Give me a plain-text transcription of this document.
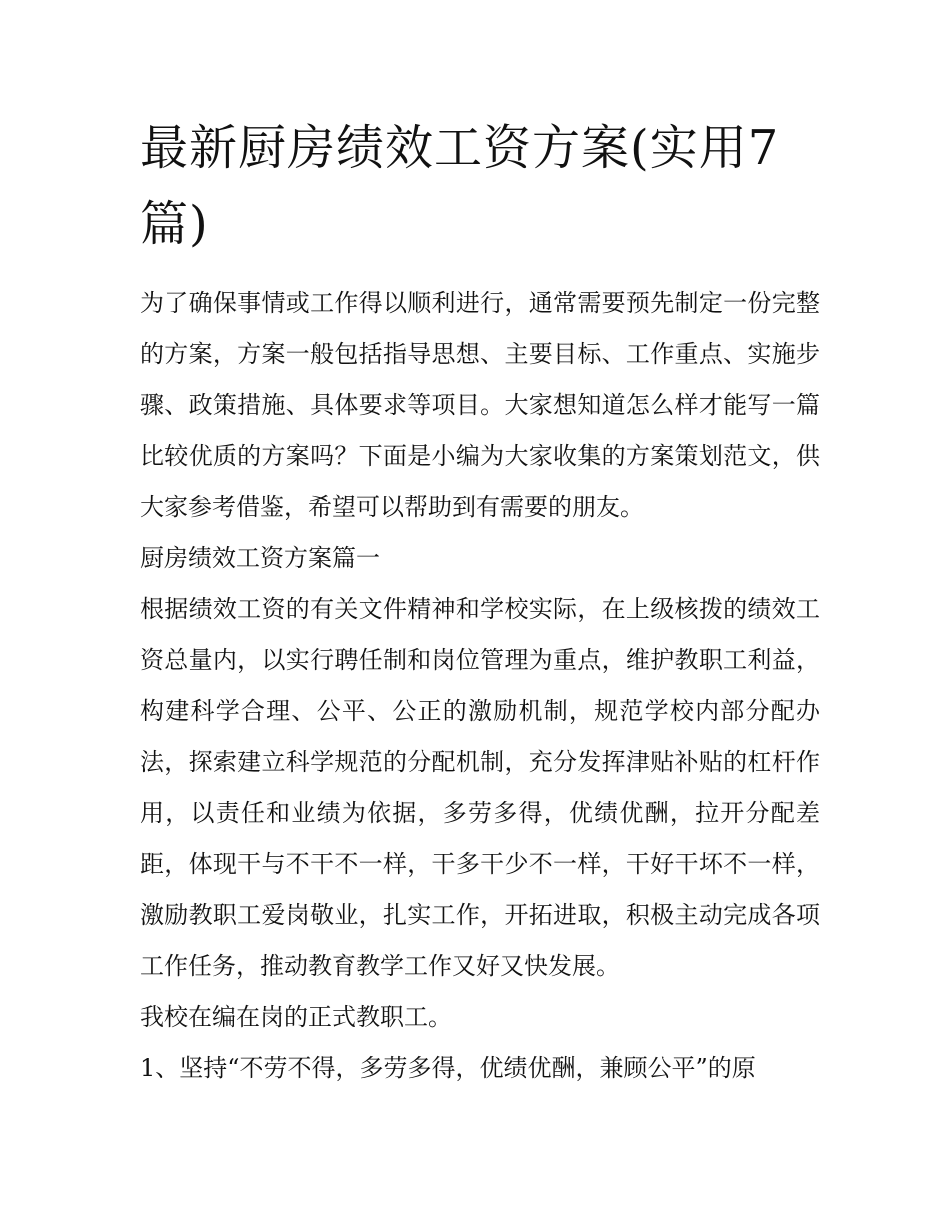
最新厨房绩效工资方案(实用7篇)

为了确保事情或工作得以顺利进行，通常需要预先制定一份完整的方案，方案一般包括指导思想、主要目标、工作重点、实施步骤、政策措施、具体要求等项目。大家想知道怎么样才能写一篇比较优质的方案吗？下面是小编为大家收集的方案策划范文，供大家参考借鉴，希望可以帮助到有需要的朋友。

厨房绩效工资方案篇一

根据绩效工资的有关文件精神和学校实际，在上级核拨的绩效工资总量内，以实行聘任制和岗位管理为重点，维护教职工利益，构建科学合理、公平、公正的激励机制，规范学校内部分配办法，探索建立科学规范的分配机制，充分发挥津贴补贴的杠杆作用，以责任和业绩为依据，多劳多得，优绩优酬，拉开分配差距，体现干与不干不一样，干多干少不一样，干好干坏不一样，激励教职工爱岗敬业，扎实工作，开拓进取，积极主动完成各项工作任务，推动教育教学工作又好又快发展。

我校在编在岗的正式教职工。

1、坚持“不劳不得，多劳多得，优绩优酬，兼顾公平”的原
